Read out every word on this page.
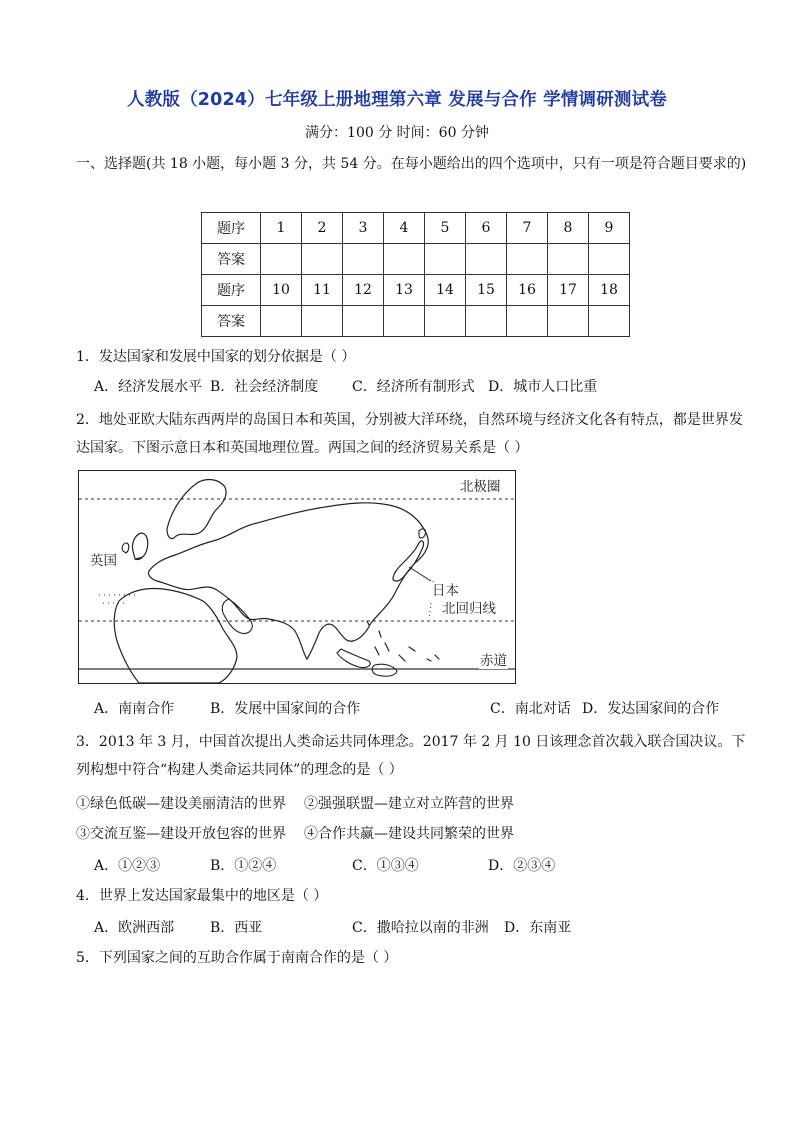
人教版（2024）七年级上册地理第六章 发展与合作 学情调研测试卷
满分：100 分 时间：60 分钟
一、选择题(共 18 小题，每小题 3 分，共 54 分。在每小题给出的四个选项中，只有一项是符合题目要求的)
题序	1	2	3	4	5	6	7	8	9
答案									
题序	10	11	12	13	14	15	16	17	18
答案									
1．发达国家和发展中国家的划分依据是（ ）
A．经济发展水平 B．社会经济制度 C．经济所有制形式 D．城市人口比重
2．地处亚欧大陆东西两岸的岛国日本和英国，分别被大洋环绕，自然环境与经济文化各有特点，都是世界发达国家。下图示意日本和英国地理位置。两国之间的经济贸易关系是（ ）
北极圈
英国
日本
北回归线
赤道
A．南南合作	B．发展中国家间的合作	C．南北对话 D．发达国家间的合作
3．2013 年 3 月，中国首次提出人类命运共同体理念。2017 年 2 月 10 日该理念首次载入联合国决议。下列构想中符合“构建人类命运共同体”的理念的是（ ）
①绿色低碳—建设美丽清洁的世界 ②强强联盟—建立对立阵营的世界
③交流互鉴—建设开放包容的世界 ④合作共赢—建设共同繁荣的世界
A．①②③	B．①②④	C．①③④	D．②③④
4．世界上发达国家最集中的地区是（ ）
A．欧洲西部	B．西亚	C．撒哈拉以南的非洲 D．东南亚
5．下列国家之间的互助合作属于南南合作的是（ ）
